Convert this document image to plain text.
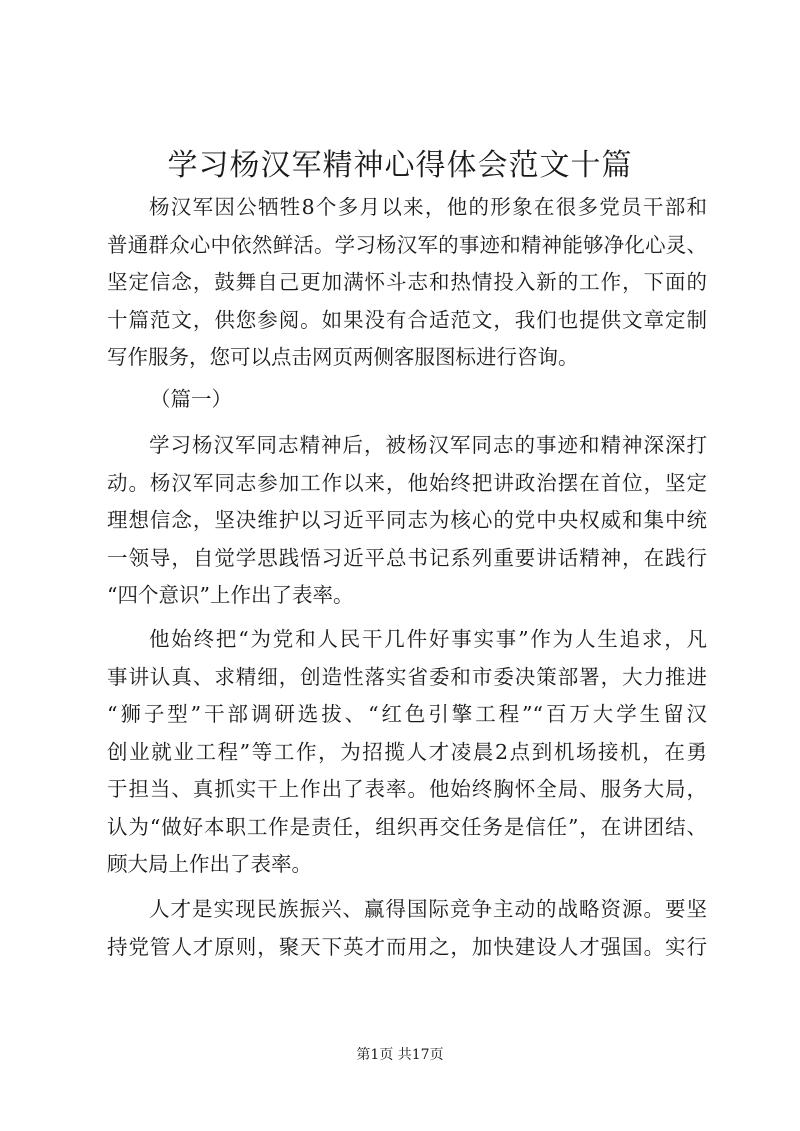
学习杨汉军精神心得体会范文十篇
杨汉军因公牺牲8个多月以来，他的形象在很多党员干部和
普通群众心中依然鲜活。学习杨汉军的事迹和精神能够净化心灵、
坚定信念，鼓舞自己更加满怀斗志和热情投入新的工作，下面的
十篇范文，供您参阅。如果没有合适范文，我们也提供文章定制
写作服务，您可以点击网页两侧客服图标进行咨询。
（篇一）
学习杨汉军同志精神后，被杨汉军同志的事迹和精神深深打
动。杨汉军同志参加工作以来，他始终把讲政治摆在首位，坚定
理想信念，坚决维护以习近平同志为核心的党中央权威和集中统
一领导，自觉学思践悟习近平总书记系列重要讲话精神，在践行
“四个意识”上作出了表率。
他始终把“为党和人民干几件好事实事”作为人生追求，凡
事讲认真、求精细，创造性落实省委和市委决策部署，大力推进
“狮子型”干部调研选拔、“红色引擎工程”“百万大学生留汉
创业就业工程”等工作，为招揽人才凌晨2点到机场接机，在勇
于担当、真抓实干上作出了表率。他始终胸怀全局、服务大局，
认为“做好本职工作是责任，组织再交任务是信任”，在讲团结、
顾大局上作出了表率。
人才是实现民族振兴、赢得国际竞争主动的战略资源。要坚
持党管人才原则，聚天下英才而用之，加快建设人才强国。实行
第1页 共17页
